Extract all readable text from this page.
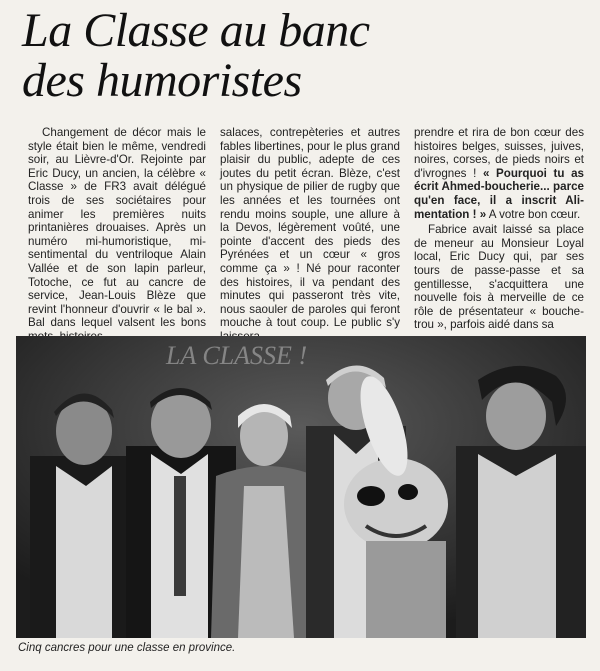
La Classe au banc
des humoristes

Changement de décor mais le style était bien le même, vendredi soir, au Lièvre-d'Or. Rejointe par Eric Ducy, un ancien, la célèbre « Classe » de FR3 avait délégué trois de ses sociétaires pour animer les premières nuits printanières drouaises. Après un numéro mi-humoristique, mi-sentimental du ventriloque Alain Vallée et de son lapin parleur, Totoche, ce fut au cancre de service, Jean-Louis Blèze que revint l'honneur d'ouvrir « le bal ». Bal dans lequel valsent les bons

salaces, contrepèteries et autres fables libertines, pour le plus grand plaisir du public, adepte de ces joutes du petit écran. Blèze, c'est un physique de pilier de rugby que les années et les tournées ont rendu moins souple, une allure à la Devos, légèrement voûté, une pointe d'accent des pieds des Pyrénées et un cœur « gros comme ça » ! Né pour raconter des histoires, il va pendant des minutes qui passeront très vite, nous saouler de paroles qui feront mouche à tout coup. Le public s'y

prendre et rira de bon cœur des histoires belges, suisses, juives, noires, corses, de pieds noirs et d'ivrognes ! « Pourquoi tu as écrit Ahmed-boucherie... parce qu'en face, il a inscrit Ali-mentation ! » A votre bon cœur.

Fabrice avait laissé sa place de meneur au Monsieur Loyal local, Eric Ducy qui, par ses tours de passe-passe et sa gentillesse, s'acquittera une nouvelle fois à merveille de ce rôle de présentateur « bouche-trou », parfois aidé dans sa

LA CLASSE !
Cinq cancres pour une classe en province.
